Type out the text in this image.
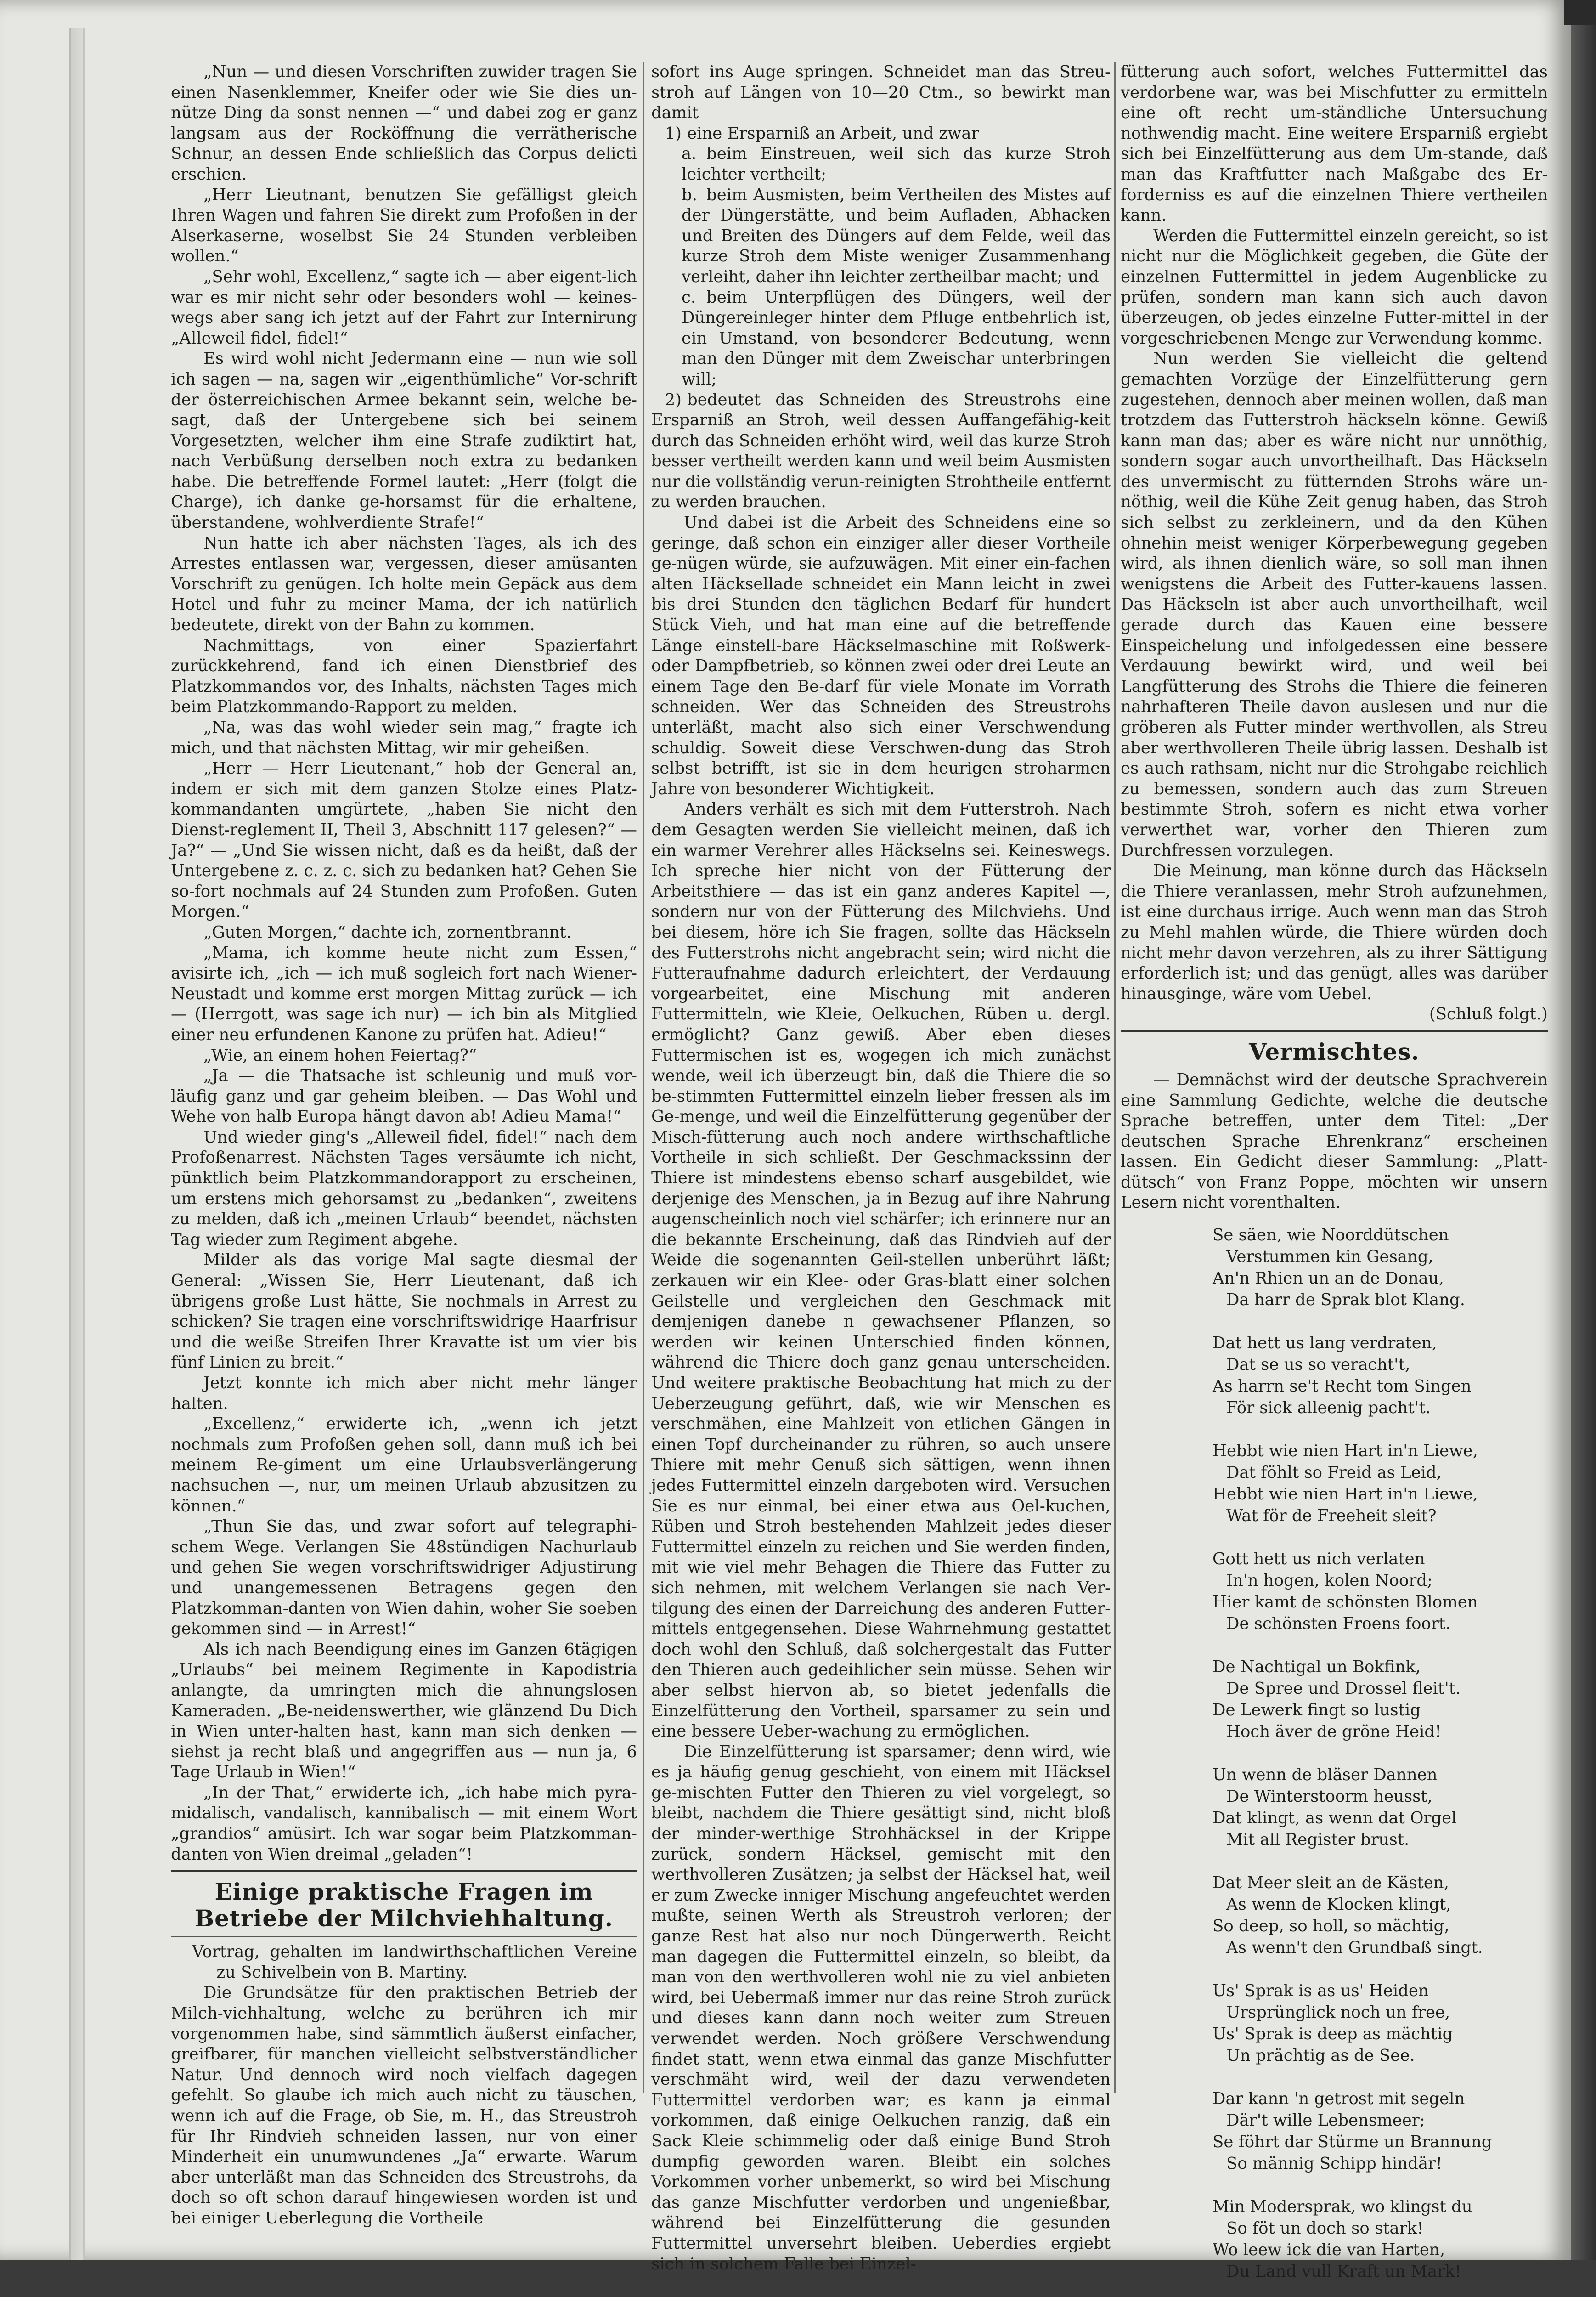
„Nun — und diesen Vorschriften zuwider tragen Sie einen Nasenklemmer, Kneifer oder wie Sie dies un-nütze Ding da sonst nennen —“ und dabei zog er ganz langsam aus der Rocköffnung die verrätherische Schnur, an dessen Ende schließlich das Corpus delicti erschien.

„Herr Lieutnant, benutzen Sie gefälligst gleich Ihren Wagen und fahren Sie direkt zum Profoßen in der Alserkaserne, woselbst Sie 24 Stunden verbleiben wollen.“

„Sehr wohl, Excellenz,“ sagte ich — aber eigent-lich war es mir nicht sehr oder besonders wohl — keines-wegs aber sang ich jetzt auf der Fahrt zur Internirung „Alleweil fidel, fidel!“

Es wird wohl nicht Jedermann eine — nun wie soll ich sagen — na, sagen wir „eigenthümliche“ Vor-schrift der österreichischen Armee bekannt sein, welche be-sagt, daß der Untergebene sich bei seinem Vorgesetzten, welcher ihm eine Strafe zudiktirt hat, nach Verbüßung derselben noch extra zu bedanken habe. Die betreffende Formel lautet: „Herr (folgt die Charge), ich danke ge-horsamst für die erhaltene, überstandene, wohlverdiente Strafe!“

Nun hatte ich aber nächsten Tages, als ich des Arrestes entlassen war, vergessen, dieser amüsanten Vorschrift zu genügen. Ich holte mein Gepäck aus dem Hotel und fuhr zu meiner Mama, der ich natürlich bedeutete, direkt von der Bahn zu kommen.

Nachmittags, von einer Spazierfahrt zurückkehrend, fand ich einen Dienstbrief des Platzkommandos vor, des Inhalts, nächsten Tages mich beim Platzkommando-Rapport zu melden.

„Na, was das wohl wieder sein mag,“ fragte ich mich, und that nächsten Mittag, wir mir geheißen.

„Herr — Herr Lieutenant,“ hob der General an, indem er sich mit dem ganzen Stolze eines Platz-kommandanten umgürtete, „haben Sie nicht den Dienst-reglement II, Theil 3, Abschnitt 117 gelesen?“ — Ja?“ — „Und Sie wissen nicht, daß es da heißt, daß der Untergebene z. c. z. c. sich zu bedanken hat? Gehen Sie so-fort nochmals auf 24 Stunden zum Profoßen. Guten Morgen.“

„Guten Morgen,“ dachte ich, zornentbrannt.

„Mama, ich komme heute nicht zum Essen,“ avisirte ich, „ich — ich muß sogleich fort nach Wiener-Neustadt und komme erst morgen Mittag zurück — ich — (Herrgott, was sage ich nur) — ich bin als Mitglied einer neu erfundenen Kanone zu prüfen hat. Adieu!“

„Wie, an einem hohen Feiertag?“

„Ja — die Thatsache ist schleunig und muß vor-läufig ganz und gar geheim bleiben. — Das Wohl und Wehe von halb Europa hängt davon ab! Adieu Mama!“

Und wieder ging's „Alleweil fidel, fidel!“ nach dem Profoßenarrest. Nächsten Tages versäumte ich nicht, pünktlich beim Platzkommandorapport zu erscheinen, um erstens mich gehorsamst zu „bedanken“, zweitens zu melden, daß ich „meinen Urlaub“ beendet, nächsten Tag wieder zum Regiment abgehe.

Milder als das vorige Mal sagte diesmal der General: „Wissen Sie, Herr Lieutenant, daß ich übrigens große Lust hätte, Sie nochmals in Arrest zu schicken? Sie tragen eine vorschriftswidrige Haarfrisur und die weiße Streifen Ihrer Kravatte ist um vier bis fünf Linien zu breit.“

Jetzt konnte ich mich aber nicht mehr länger halten.

„Excellenz,“ erwiderte ich, „wenn ich jetzt nochmals zum Profoßen gehen soll, dann muß ich bei meinem Re-giment um eine Urlaubsverlängerung nachsuchen —, nur, um meinen Urlaub abzusitzen zu können.“

„Thun Sie das, und zwar sofort auf telegraphi-schem Wege. Verlangen Sie 48stündigen Nachurlaub und gehen Sie wegen vorschriftswidriger Adjustirung und unangemessenen Betragens gegen den Platzkomman-danten von Wien dahin, woher Sie soeben gekommen sind — in Arrest!“

Als ich nach Beendigung eines im Ganzen 6tägigen „Urlaubs“ bei meinem Regimente in Kapodistria anlangte, da umringten mich die ahnungslosen Kameraden. „Be-neidenswerther, wie glänzend Du Dich in Wien unter-halten hast, kann man sich denken — siehst ja recht blaß und angegriffen aus — nun ja, 6 Tage Urlaub in Wien!“

„In der That,“ erwiderte ich, „ich habe mich pyra-midalisch, vandalisch, kannibalisch — mit einem Wort „grandios“ amüsirt. Ich war sogar beim Platzkomman-danten von Wien dreimal „geladen“!

Einige praktische Fragen im Betriebe der Milchviehhaltung.

Vortrag, gehalten im landwirthschaftlichen Vereine zu Schivelbein von B. Martiny.

Die Grundsätze für den praktischen Betrieb der Milch-viehhaltung, welche zu berühren ich mir vorgenommen habe, sind sämmtlich äußerst einfacher, greifbarer, für manchen vielleicht selbstverständlicher Natur. Und dennoch wird noch vielfach dagegen gefehlt. So glaube ich mich auch nicht zu täuschen, wenn ich auf die Frage, ob Sie, m. H., das Streustroh für Ihr Rindvieh schneiden lassen, nur von einer Minderheit ein unumwundenes „Ja“ erwarte. Warum aber unterläßt man das Schneiden des Streustrohs, da doch so oft schon darauf hingewiesen worden ist und bei einiger Ueberlegung die Vortheile

sofort ins Auge springen. Schneidet man das Streu-stroh auf Längen von 10—20 Ctm., so bewirkt man damit

1) eine Ersparniß an Arbeit, und zwar
a. beim Einstreuen, weil sich das kurze Stroh leichter vertheilt;
b. beim Ausmisten, beim Vertheilen des Mistes auf der Düngerstätte, und beim Aufladen, Abhacken und Breiten des Düngers auf dem Felde, weil das kurze Stroh dem Miste weniger Zusammenhang verleiht, daher ihn leichter zertheilbar macht; und
c. beim Unterpflügen des Düngers, weil der Düngereinleger hinter dem Pfluge entbehrlich ist, ein Umstand, von besonderer Bedeutung, wenn man den Dünger mit dem Zweischar unterbringen will;
2) bedeutet das Schneiden des Streustrohs eine Ersparniß an Stroh, weil dessen Auffangefähig-keit durch das Schneiden erhöht wird, weil das kurze Stroh besser vertheilt werden kann und weil beim Ausmisten nur die vollständig verun-reinigten Strohtheile entfernt zu werden brauchen.

Und dabei ist die Arbeit des Schneidens eine so geringe, daß schon ein einziger aller dieser Vortheile ge-nügen würde, sie aufzuwägen. Mit einer ein-fachen alten Häcksellade schneidet ein Mann leicht in zwei bis drei Stunden den täglichen Bedarf für hundert Stück Vieh, und hat man eine auf die betreffende Länge einstell-bare Häckselmaschine mit Roßwerk- oder Dampfbetrieb, so können zwei oder drei Leute an einem Tage den Be-darf für viele Monate im Vorrath schneiden. Wer das Schneiden des Streustrohs unterläßt, macht also sich einer Verschwendung schuldig. Soweit diese Verschwen-dung das Stroh selbst betrifft, ist sie in dem heurigen stroharmen Jahre von besonderer Wichtigkeit.

Anders verhält es sich mit dem Futterstroh. Nach dem Gesagten werden Sie vielleicht meinen, daß ich ein warmer Verehrer alles Häckselns sei. Keineswegs. Ich spreche hier nicht von der Fütterung der Arbeitsthiere — das ist ein ganz anderes Kapitel —, sondern nur von der Fütterung des Milchviehs. Und bei diesem, höre ich Sie fragen, sollte das Häckseln des Futterstrohs nicht angebracht sein; wird nicht die Futteraufnahme dadurch erleichtert, der Verdauung vorgearbeitet, eine Mischung mit anderen Futtermitteln, wie Kleie, Oelkuchen, Rüben u. dergl. ermöglicht? Ganz gewiß. Aber eben dieses Futtermischen ist es, wogegen ich mich zunächst wende, weil ich überzeugt bin, daß die Thiere die so be-stimmten Futtermittel einzeln lieber fressen als im Ge-menge, und weil die Einzelfütterung gegenüber der Misch-fütterung auch noch andere wirthschaftliche Vortheile in sich schließt. Der Geschmackssinn der Thiere ist mindestens ebenso scharf ausgebildet, wie derjenige des Menschen, ja in Bezug auf ihre Nahrung augenscheinlich noch viel schärfer; ich erinnere nur an die bekannte Erscheinung, daß das Rindvieh auf der Weide die sogenannten Geil-stellen unberührt läßt; zerkauen wir ein Klee- oder Gras-blatt einer solchen Geilstelle und vergleichen den Geschmack mit demjenigen danebe n gewachsener Pflanzen, so werden wir keinen Unterschied finden können, während die Thiere doch ganz genau unterscheiden. Und weitere praktische Beobachtung hat mich zu der Ueberzeugung geführt, daß, wie wir Menschen es verschmähen, eine Mahlzeit von etlichen Gängen in einen Topf durcheinander zu rühren, so auch unsere Thiere mit mehr Genuß sich sättigen, wenn ihnen jedes Futtermittel einzeln dargeboten wird. Versuchen Sie es nur einmal, bei einer etwa aus Oel-kuchen, Rüben und Stroh bestehenden Mahlzeit jedes dieser Futtermittel einzeln zu reichen und Sie werden finden, mit wie viel mehr Behagen die Thiere das Futter zu sich nehmen, mit welchem Verlangen sie nach Ver-tilgung des einen der Darreichung des anderen Futter-mittels entgegensehen. Diese Wahrnehmung gestattet doch wohl den Schluß, daß solchergestalt das Futter den Thieren auch gedeihlicher sein müsse. Sehen wir aber selbst hiervon ab, so bietet jedenfalls die Einzelfütterung den Vortheil, sparsamer zu sein und eine bessere Ueber-wachung zu ermöglichen.

Die Einzelfütterung ist sparsamer; denn wird, wie es ja häufig genug geschieht, von einem mit Häcksel ge-mischten Futter den Thieren zu viel vorgelegt, so bleibt, nachdem die Thiere gesättigt sind, nicht bloß der minder-werthige Strohhäcksel in der Krippe zurück, sondern Häcksel, gemischt mit den werthvolleren Zusätzen; ja selbst der Häcksel hat, weil er zum Zwecke inniger Mischung angefeuchtet werden mußte, seinen Werth als Streustroh verloren; der ganze Rest hat also nur noch Düngerwerth. Reicht man dagegen die Futtermittel einzeln, so bleibt, da man von den werthvolleren wohl nie zu viel anbieten wird, bei Uebermaß immer nur das reine Stroh zurück und dieses kann dann noch weiter zum Streuen verwendet werden. Noch größere Verschwendung findet statt, wenn etwa einmal das ganze Mischfutter verschmäht wird, weil der dazu verwendeten Futtermittel verdorben war; es kann ja einmal vorkommen, daß einige Oelkuchen ranzig, daß ein Sack Kleie schimmelig oder daß einige Bund Stroh dumpfig geworden waren. Bleibt ein solches Vorkommen vorher unbemerkt, so wird bei Mischung das ganze Mischfutter verdorben und ungenießbar, während bei Einzelfütterung die gesunden Futtermittel unversehrt bleiben. Ueberdies ergiebt sich in solchem Falle bei Einzel-

fütterung auch sofort, welches Futtermittel das verdorbene war, was bei Mischfutter zu ermitteln eine oft recht um-ständliche Untersuchung nothwendig macht. Eine weitere Ersparniß ergiebt sich bei Einzelfütterung aus dem Um-stande, daß man das Kraftfutter nach Maßgabe des Er-forderniss es auf die einzelnen Thiere vertheilen kann.

Werden die Futtermittel einzeln gereicht, so ist nicht nur die Möglichkeit gegeben, die Güte der einzelnen Futtermittel in jedem Augenblicke zu prüfen, sondern man kann sich auch davon überzeugen, ob jedes einzelne Futter-mittel in der vorgeschriebenen Menge zur Verwendung komme.

Nun werden Sie vielleicht die geltend gemachten Vorzüge der Einzelfütterung gern zugestehen, dennoch aber meinen wollen, daß man trotzdem das Futterstroh häckseln könne. Gewiß kann man das; aber es wäre nicht nur unnöthig, sondern sogar auch unvortheilhaft. Das Häckseln des unvermischt zu fütternden Strohs wäre un-nöthig, weil die Kühe Zeit genug haben, das Stroh sich selbst zu zerkleinern, und da den Kühen ohnehin meist weniger Körperbewegung gegeben wird, als ihnen dienlich wäre, so soll man ihnen wenigstens die Arbeit des Futter-kauens lassen. Das Häckseln ist aber auch unvortheilhaft, weil gerade durch das Kauen eine bessere Einspeichelung und infolgedessen eine bessere Verdauung bewirkt wird, und weil bei Langfütterung des Strohs die Thiere die feineren nahrhafteren Theile davon auslesen und nur die gröberen als Futter minder werthvollen, als Streu aber werthvolleren Theile übrig lassen. Deshalb ist es auch rathsam, nicht nur die Strohgabe reichlich zu bemessen, sondern auch das zum Streuen bestimmte Stroh, sofern es nicht etwa vorher verwerthet war, vorher den Thieren zum Durchfressen vorzulegen.

Die Meinung, man könne durch das Häckseln die Thiere veranlassen, mehr Stroh aufzunehmen, ist eine durchaus irrige. Auch wenn man das Stroh zu Mehl mahlen würde, die Thiere würden doch nicht mehr davon verzehren, als zu ihrer Sättigung erforderlich ist; und das genügt, alles was darüber hinausginge, wäre vom Uebel.

(Schluß folgt.)
Vermischtes.

— Demnächst wird der deutsche Sprachverein eine Sammlung Gedichte, welche die deutsche Sprache betreffen, unter dem Titel: „Der deutschen Sprache Ehrenkranz“ erscheinen lassen. Ein Gedicht dieser Sammlung: „Platt-dütsch“ von Franz Poppe, möchten wir unsern Lesern nicht vorenthalten.

Se säen, wie Noorddütschen
Verstummen kin Gesang,
An'n Rhien un an de Donau,
Da harr de Sprak blot Klang.
Dat hett us lang verdraten,
Dat se us so veracht't,
As harrn se't Recht tom Singen
För sick alleenig pacht't.
Hebbt wie nien Hart in'n Liewe,
Dat föhlt so Freid as Leid,
Hebbt wie nien Hart in'n Liewe,
Wat för de Freeheit sleit?
Gott hett us nich verlaten
In'n hogen, kolen Noord;
Hier kamt de schönsten Blomen
De schönsten Froens foort.
De Nachtigal un Bokfink,
De Spree und Drossel fleit't.
De Lewerk fingt so lustig
Hoch äver de gröne Heid!
Un wenn de bläser Dannen
De Winterstoorm heusst,
Dat klingt, as wenn dat Orgel
Mit all Register brust.
Dat Meer sleit an de Kästen,
As wenn de Klocken klingt,
So deep, so holl, so mächtig,
As wenn't den Grundbaß singt.
Us' Sprak is as us' Heiden
Ursprünglick noch un free,
Us' Sprak is deep as mächtig
Un prächtig as de See.
Dar kann 'n getrost mit segeln
Där't wille Lebensmeer;
Se föhrt dar Stürme un Brannung
So männig Schipp hindär!
Min Modersprak, wo klingst du
So föt un doch so stark!
Wo leew ick die van Harten,
Du Land vull Kraft un Mark!
